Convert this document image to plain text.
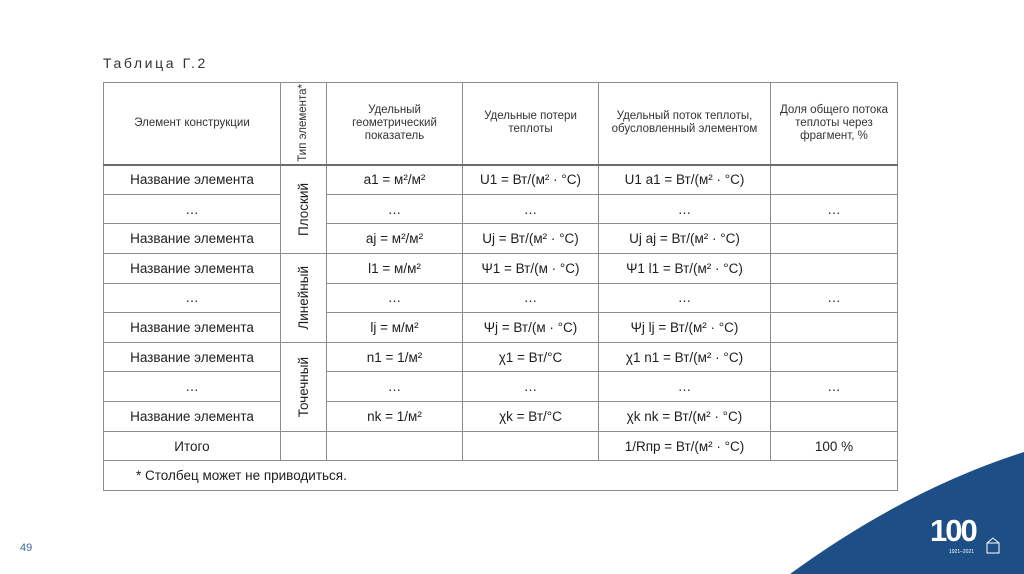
Таблица Г.2
Элемент конструкции	Тип элемента*	Удельный геометрический показатель	Удельные потери теплоты	Удельный поток теплоты, обусловленный элементом	Доля общего потока теплоты через фрагмент, %
Название элемента	Плоский	a1 = м²/м²	U1 = Вт/(м² · °С)	U1 a1 = Вт/(м² · °С)	
…		…	…	…	…
Название элемента		aj = м²/м²	Uj = Вт/(м² · °С)	Uj aj = Вт/(м² · °С)	
Название элемента	Линейный	l1 = м/м²	Ψ1 = Вт/(м · °С)	Ψ1 l1 = Вт/(м² · °С)	
…		…	…	…	…
Название элемента		lj = м/м²	Ψj = Вт/(м · °С)	Ψj lj = Вт/(м² · °С)	
Название элемента	Точечный	n1 = 1/м²	χ1 = Вт/°С	χ1 n1 = Вт/(м² · °С)	
…		…	…	…	…
Название элемента		nk = 1/м²	χk = Вт/°С	χk nk = Вт/(м² · °С)	
Итого				1/Rпр = Вт/(м² · °С)	100 %
* Столбец может не приводиться.					
49	100
1921–2021
